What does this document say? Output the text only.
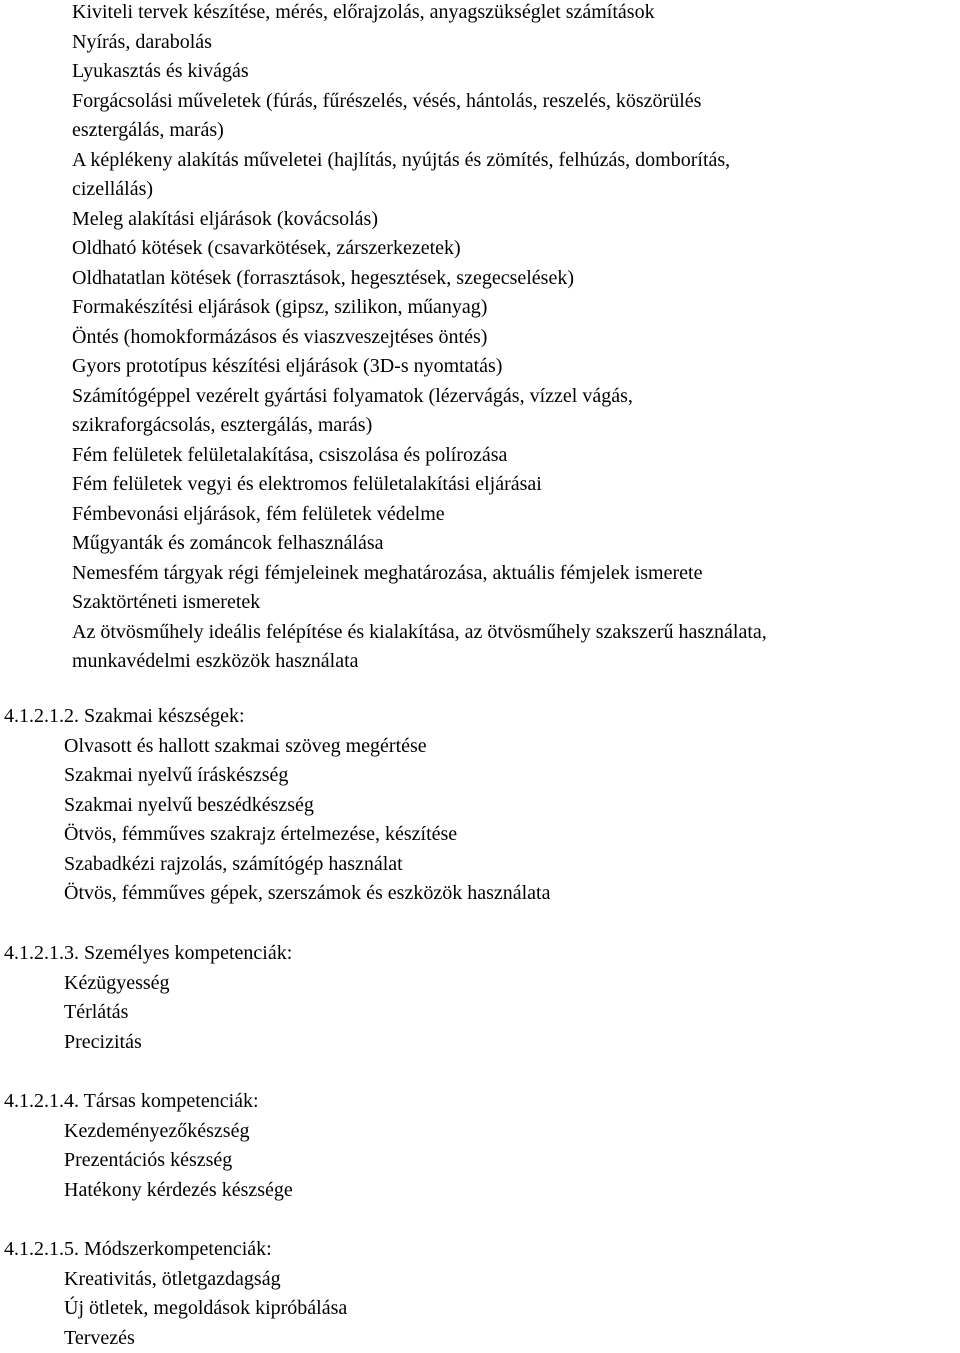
Kiviteli tervek készítése, mérés, előrajzolás, anyagszükséglet számítások
Nyírás, darabolás
Lyukasztás és kivágás
Forgácsolási műveletek (fúrás, fűrészelés, vésés, hántolás, reszelés, köszörülés
esztergálás, marás)
A képlékeny alakítás műveletei (hajlítás, nyújtás és zömítés, felhúzás, domborítás,
cizellálás)
Meleg alakítási eljárások (kovácsolás)
Oldható kötések (csavarkötések, zárszerkezetek)
Oldhatatlan kötések (forrasztások, hegesztések, szegecselések)
Formakészítési eljárások (gipsz, szilikon, műanyag)
Öntés (homokformázásos és viaszveszejtéses öntés)
Gyors prototípus készítési eljárások (3D-s nyomtatás)
Számítógéppel vezérelt gyártási folyamatok (lézervágás, vízzel vágás,
szikraforgácsolás, esztergálás, marás)
Fém felületek felületalakítása, csiszolása és polírozása
Fém felületek vegyi és elektromos felületalakítási eljárásai
Fémbevonási eljárások, fém felületek védelme
Műgyanták és zománcok felhasználása
Nemesfém tárgyak régi fémjeleinek meghatározása, aktuális fémjelek ismerete
Szaktörténeti ismeretek
Az ötvösműhely ideális felépítése és kialakítása, az ötvösműhely szakszerű használata,
munkavédelmi eszközök használata

4.1.2.1.2. Szakmai készségek:

Olvasott és hallott szakmai szöveg megértése
Szakmai nyelvű íráskészség
Szakmai nyelvű beszédkészség
Ötvös, fémműves szakrajz értelmezése, készítése
Szabadkézi rajzolás, számítógép használat
Ötvös, fémműves gépek, szerszámok és eszközök használata

4.1.2.1.3. Személyes kompetenciák:

Kézügyesség
Térlátás
Precizitás

4.1.2.1.4. Társas kompetenciák:

Kezdeményezőkészség
Prezentációs készség
Hatékony kérdezés készsége

4.1.2.1.5. Módszerkompetenciák:

Kreativitás, ötletgazdagság
Új ötletek, megoldások kipróbálása
Tervezés
